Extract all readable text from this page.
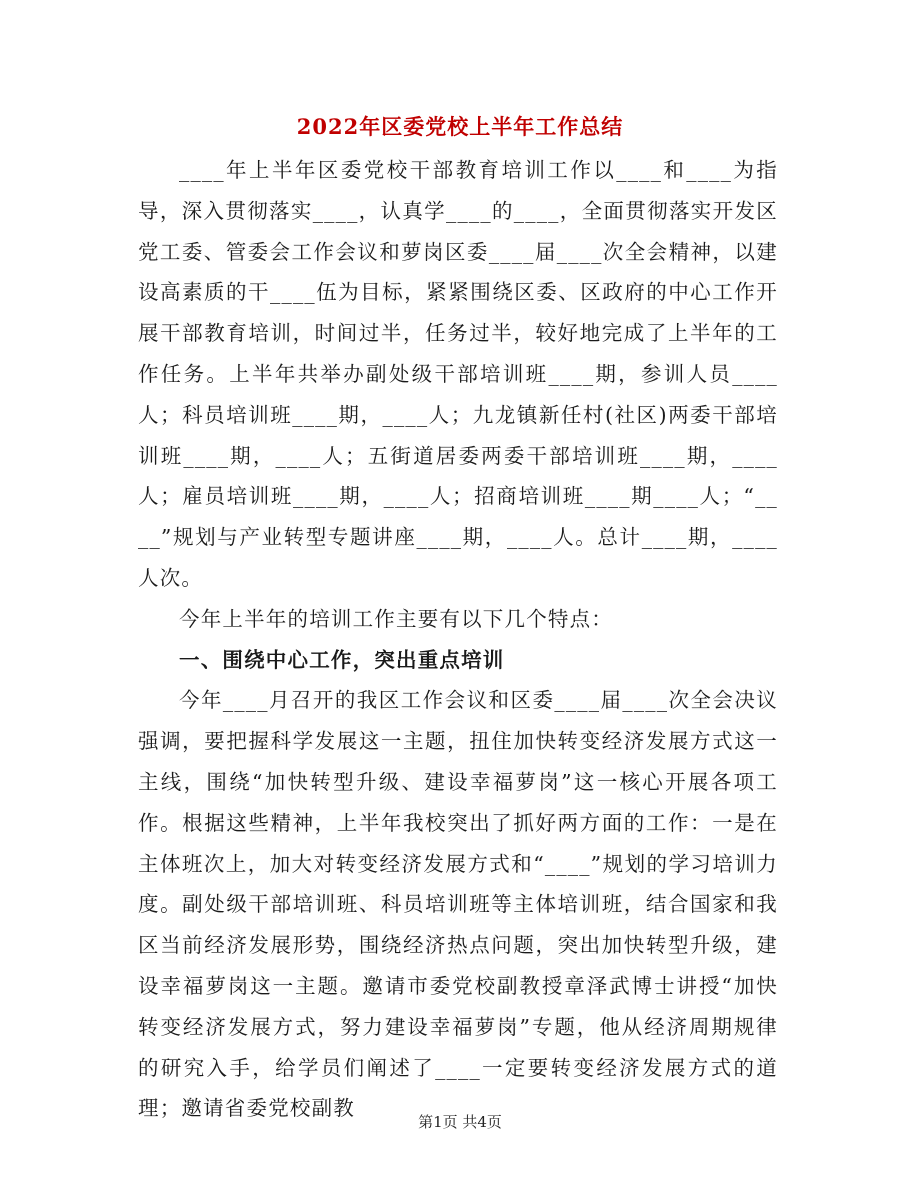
2022年区委党校上半年工作总结

____年上半年区委党校干部教育培训工作以____和____为指导，深入贯彻落实____，认真学____的____，全面贯彻落实开发区党工委、管委会工作会议和萝岗区委____届____次全会精神，以建设高素质的干____伍为目标，紧紧围绕区委、区政府的中心工作开展干部教育培训，时间过半，任务过半，较好地完成了上半年的工作任务。上半年共举办副处级干部培训班____期，参训人员____人；科员培训班____期，____人；九龙镇新任村(社区)两委干部培训班____期，____人；五街道居委两委干部培训班____期，____人；雇员培训班____期，____人；招商培训班____期____人；“____”规划与产业转型专题讲座____期，____人。总计____期，____人次。

今年上半年的培训工作主要有以下几个特点：

一、围绕中心工作，突出重点培训

今年____月召开的我区工作会议和区委____届____次全会决议强调，要把握科学发展这一主题，扭住加快转变经济发展方式这一主线，围绕“加快转型升级、建设幸福萝岗”这一核心开展各项工作。根据这些精神，上半年我校突出了抓好两方面的工作：一是在主体班次上，加大对转变经济发展方式和“____”规划的学习培训力度。副处级干部培训班、科员培训班等主体培训班，结合国家和我区当前经济发展形势，围绕经济热点问题，突出加快转型升级，建设幸福萝岗这一主题。邀请市委党校副教授章泽武博士讲授“加快转变经济发展方式，努力建设幸福萝岗”专题，他从经济周期规律的研究入手，给学员们阐述了____一定要转变经济发展方式的道理；邀请省委党校副教

第1页 共4页
